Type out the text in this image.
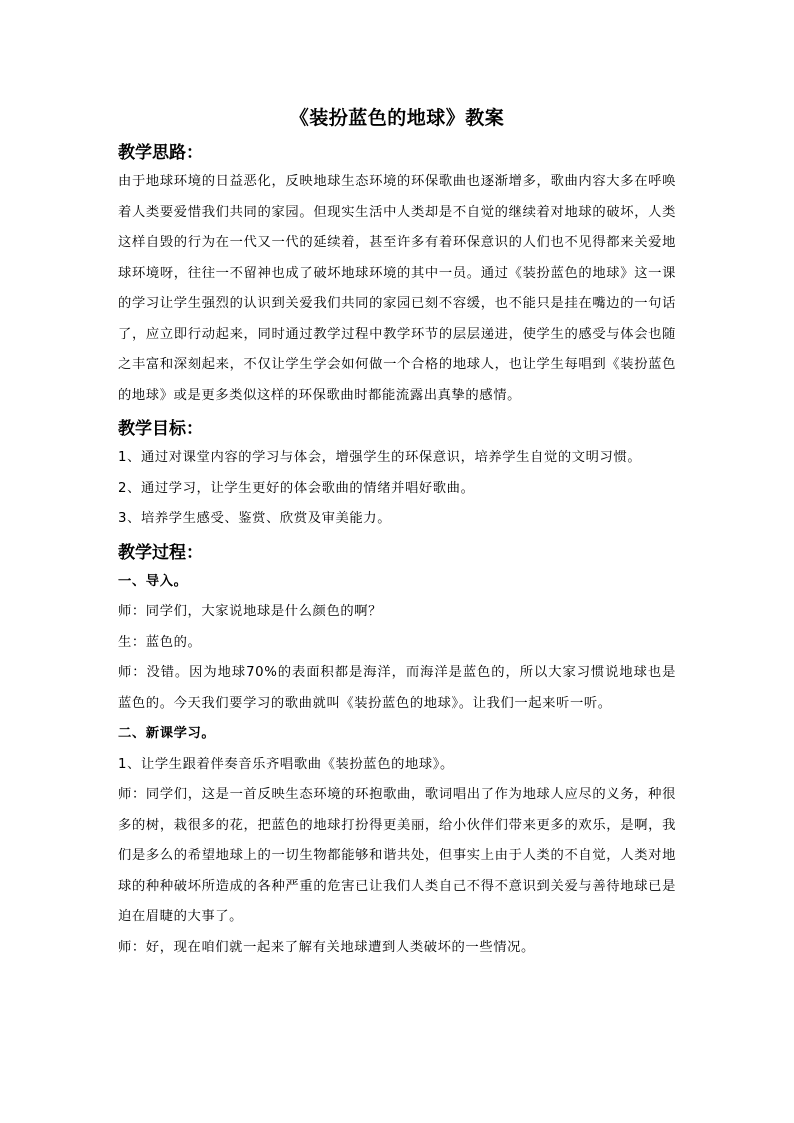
《装扮蓝色的地球》教案
教学思路：

由于地球环境的日益恶化，反映地球生态环境的环保歌曲也逐渐增多，歌曲内容大多在呼唤着人类要爱惜我们共同的家园。但现实生活中人类却是不自觉的继续着对地球的破坏，人类这样自毁的行为在一代又一代的延续着，甚至许多有着环保意识的人们也不见得都来关爱地球环境呀，往往一不留神也成了破坏地球环境的其中一员。通过《装扮蓝色的地球》这一课的学习让学生强烈的认识到关爱我们共同的家园已刻不容缓，也不能只是挂在嘴边的一句话了，应立即行动起来，同时通过教学过程中教学环节的层层递进，使学生的感受与体会也随之丰富和深刻起来，不仅让学生学会如何做一个合格的地球人，也让学生每唱到《装扮蓝色的地球》或是更多类似这样的环保歌曲时都能流露出真挚的感情。

教学目标：

1、通过对课堂内容的学习与体会，增强学生的环保意识，培养学生自觉的文明习惯。

2、通过学习，让学生更好的体会歌曲的情绪并唱好歌曲。

3、培养学生感受、鉴赏、欣赏及审美能力。

教学过程：

一、导入。

师：同学们，大家说地球是什么颜色的啊？

生：蓝色的。

师：没错。因为地球70%的表面积都是海洋，而海洋是蓝色的，所以大家习惯说地球也是蓝色的。今天我们要学习的歌曲就叫《装扮蓝色的地球》。让我们一起来听一听。

二、新课学习。

1、让学生跟着伴奏音乐齐唱歌曲《装扮蓝色的地球》。

师：同学们，这是一首反映生态环境的环抱歌曲，歌词唱出了作为地球人应尽的义务，种很多的树，栽很多的花，把蓝色的地球打扮得更美丽，给小伙伴们带来更多的欢乐，是啊，我们是多么的希望地球上的一切生物都能够和谐共处，但事实上由于人类的不自觉，人类对地球的种种破坏所造成的各种严重的危害已让我们人类自己不得不意识到关爱与善待地球已是迫在眉睫的大事了。

师：好，现在咱们就一起来了解有关地球遭到人类破坏的一些情况。
